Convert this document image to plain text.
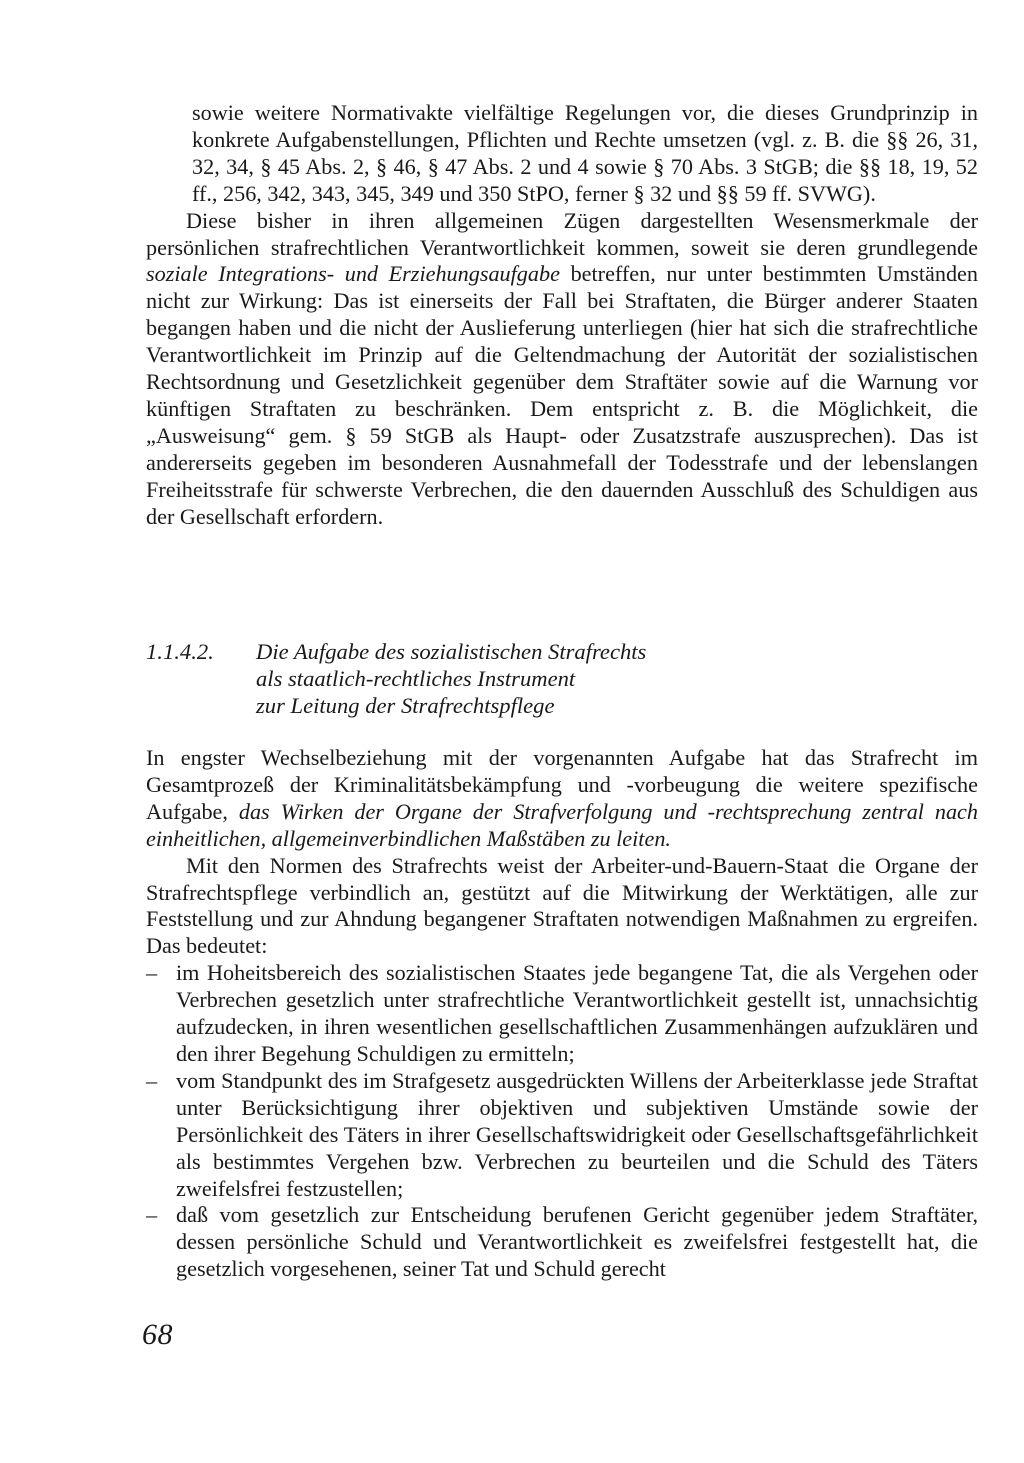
sowie weitere Normativakte vielfältige Regelungen vor, die dieses Grundprinzip in konkrete Aufgabenstellungen, Pflichten und Rechte umsetzen (vgl. z. B. die §§ 26, 31, 32, 34, § 45 Abs. 2, § 46, § 47 Abs. 2 und 4 sowie § 70 Abs. 3 StGB; die §§ 18, 19, 52 ff., 256, 342, 343, 345, 349 und 350 StPO, ferner § 32 und §§ 59 ff. SVWG).

Diese bisher in ihren allgemeinen Zügen dargestellten Wesensmerkmale der persönlichen strafrechtlichen Verantwortlichkeit kommen, soweit sie deren grundlegende soziale Integrations- und Erziehungsaufgabe betreffen, nur unter bestimmten Umständen nicht zur Wirkung: Das ist einerseits der Fall bei Straftaten, die Bürger anderer Staaten begangen haben und die nicht der Auslieferung unterliegen (hier hat sich die strafrechtliche Verantwortlichkeit im Prinzip auf die Geltendmachung der Autorität der sozialistischen Rechtsordnung und Gesetzlichkeit gegenüber dem Straftäter sowie auf die Warnung vor künftigen Straftaten zu beschränken. Dem entspricht z. B. die Möglichkeit, die „Ausweisung“ gem. § 59 StGB als Haupt- oder Zusatzstrafe auszusprechen). Das ist andererseits gegeben im besonderen Ausnahmefall der Todesstrafe und der lebenslangen Freiheitsstrafe für schwerste Verbrechen, die den dauernden Ausschluß des Schuldigen aus der Gesellschaft erfordern.

1.1.4.2. Die Aufgabe des sozialistischen Strafrechts
als staatlich-rechtliches Instrument
zur Leitung der Strafrechtspflege

In engster Wechselbeziehung mit der vorgenannten Aufgabe hat das Strafrecht im Gesamtprozeß der Kriminalitätsbekämpfung und -vorbeugung die weitere spezifische Aufgabe, das Wirken der Organe der Strafverfolgung und -rechtsprechung zentral nach einheitlichen, allgemeinverbindlichen Maßstäben zu leiten.

Mit den Normen des Strafrechts weist der Arbeiter-und-Bauern-Staat die Organe der Strafrechtspflege verbindlich an, gestützt auf die Mitwirkung der Werktätigen, alle zur Feststellung und zur Ahndung begangener Straftaten notwendigen Maßnahmen zu ergreifen. Das bedeutet:

– im Hoheitsbereich des sozialistischen Staates jede begangene Tat, die als Vergehen oder Verbrechen gesetzlich unter strafrechtliche Verantwortlichkeit gestellt ist, unnachsichtig aufzudecken, in ihren wesentlichen gesellschaftlichen Zusammenhängen aufzuklären und den ihrer Begehung Schuldigen zu ermitteln;
– vom Standpunkt des im Strafgesetz ausgedrückten Willens der Arbeiterklasse jede Straftat unter Berücksichtigung ihrer objektiven und subjektiven Umstände sowie der Persönlichkeit des Täters in ihrer Gesellschaftswidrigkeit oder Gesellschaftsgefährlichkeit als bestimmtes Vergehen bzw. Verbrechen zu beurteilen und die Schuld des Täters zweifelsfrei festzustellen;
– daß vom gesetzlich zur Entscheidung berufenen Gericht gegenüber jedem Straftäter, dessen persönliche Schuld und Verantwortlichkeit es zweifelsfrei festgestellt hat, die gesetzlich vorgesehenen, seiner Tat und Schuld gerecht
68
